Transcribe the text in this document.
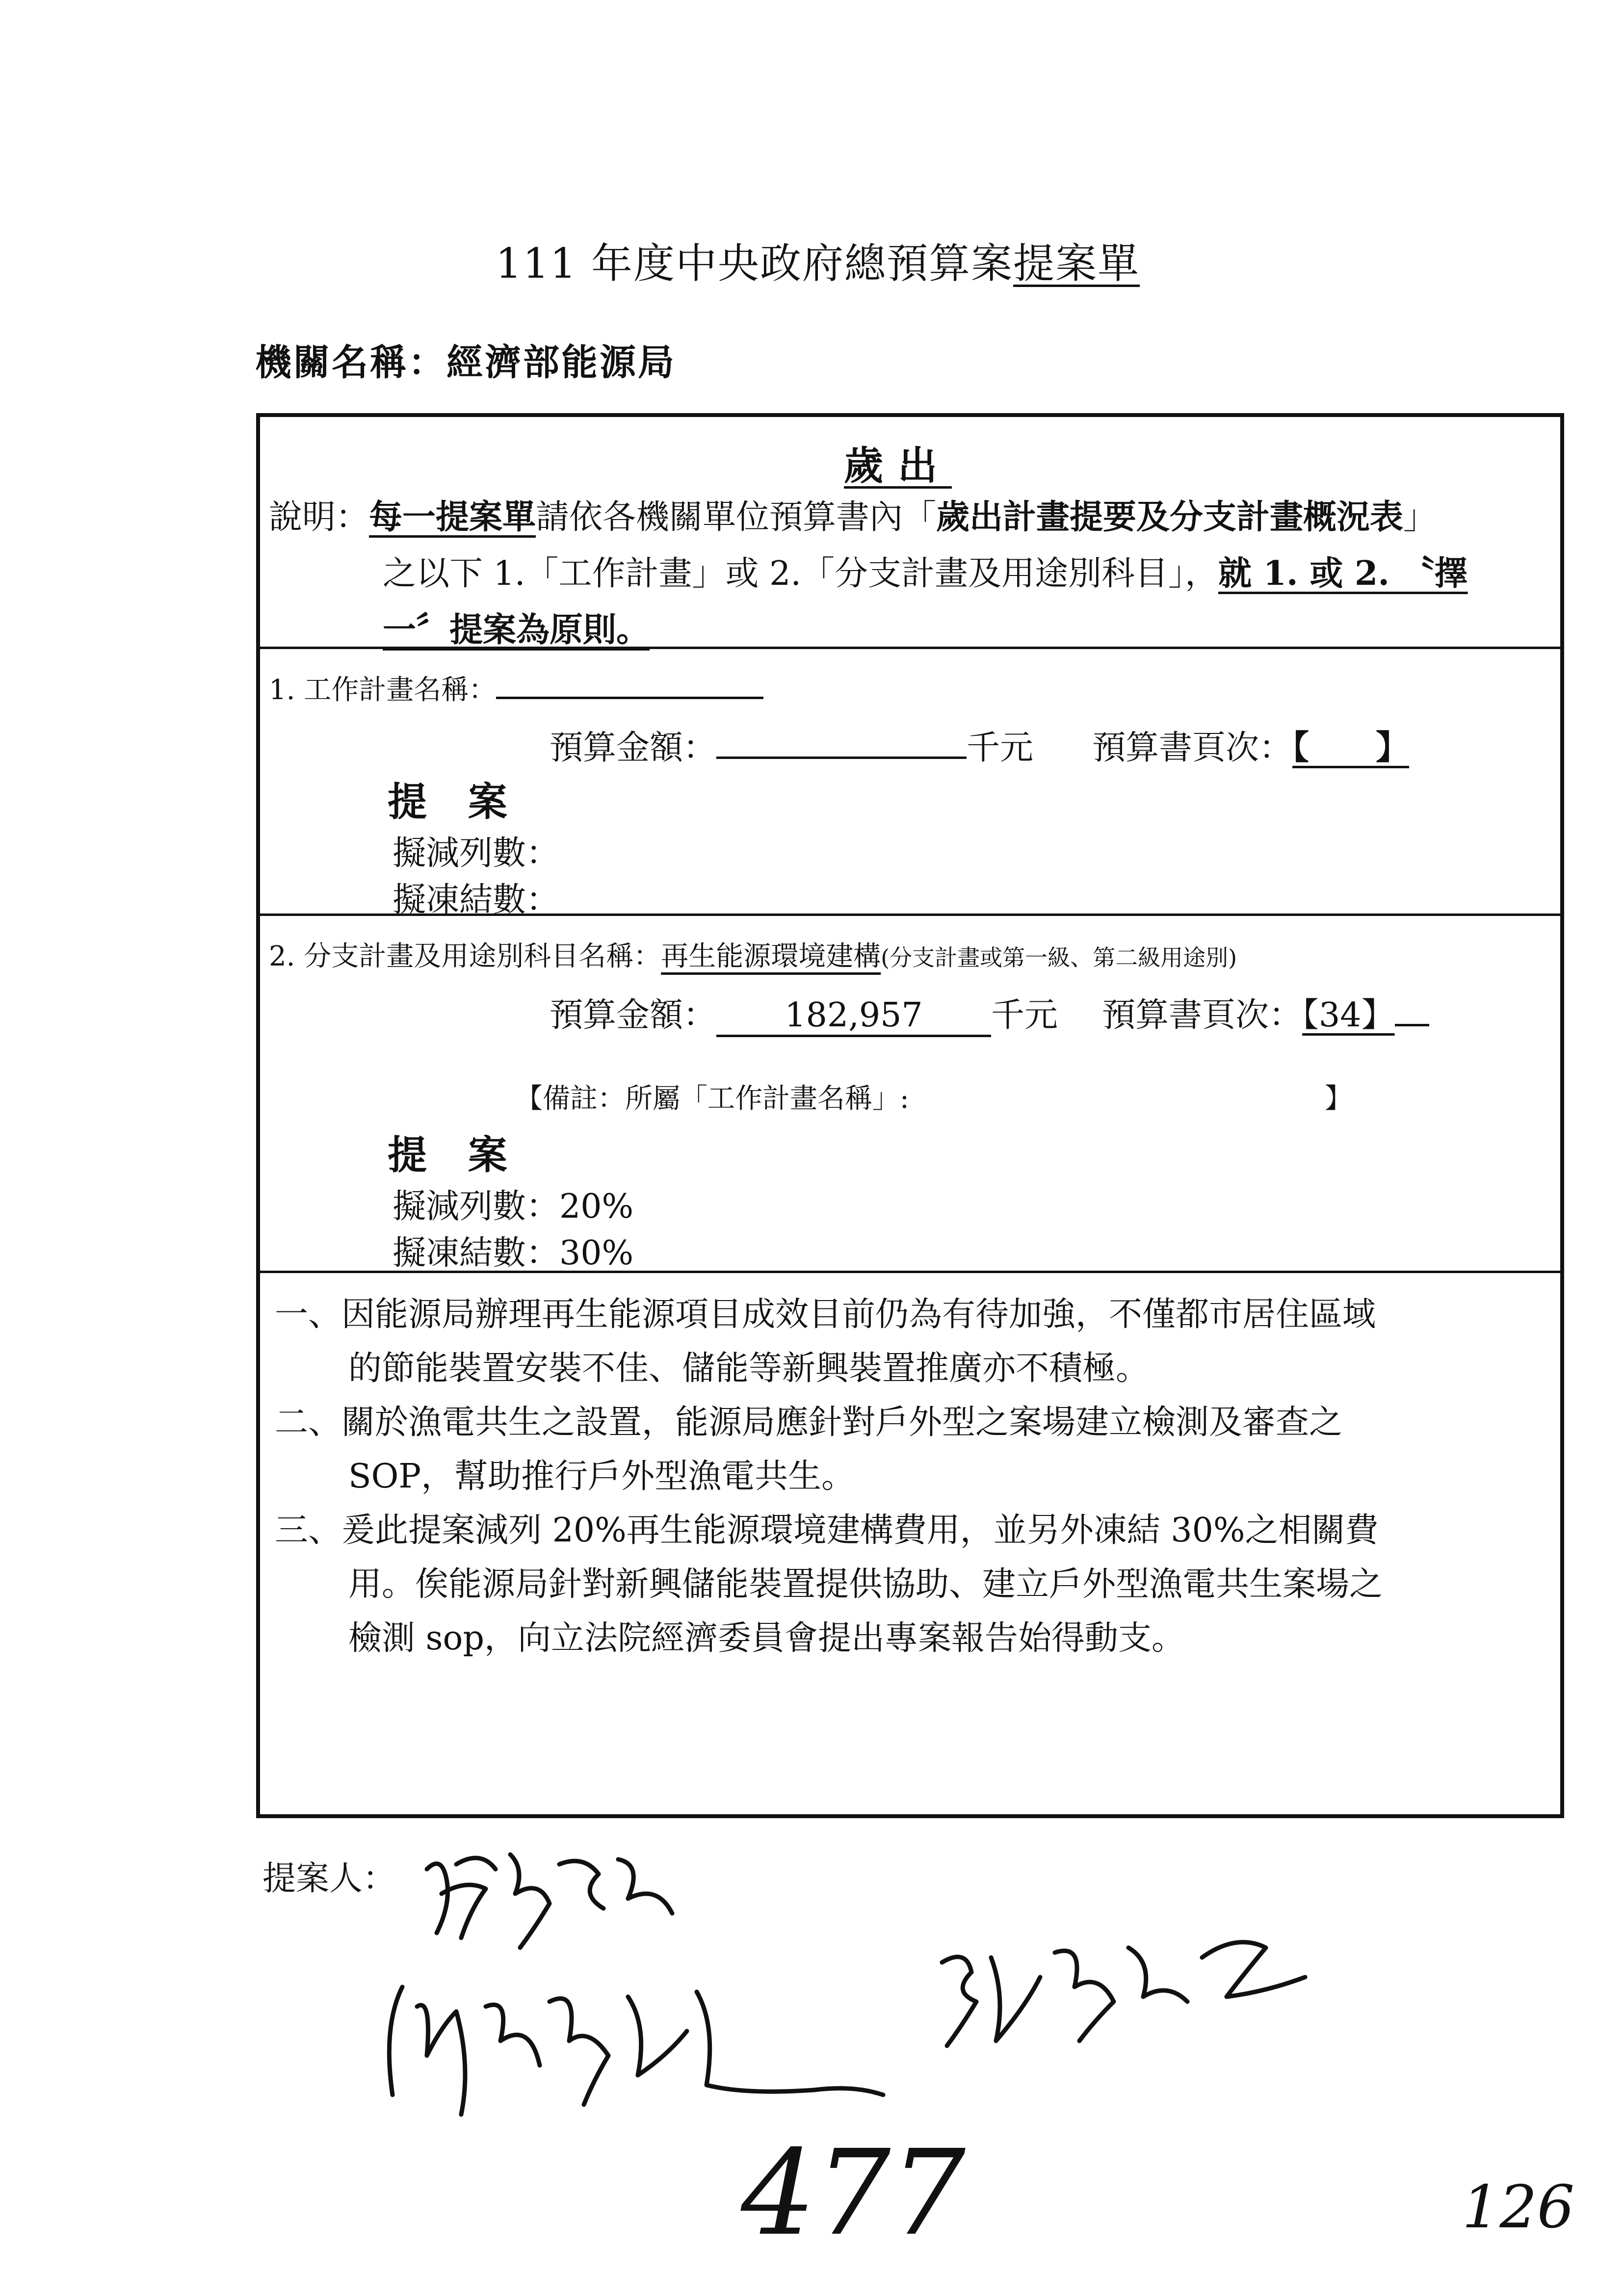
111 年度中央政府總預算案提案單
機關名稱：經濟部能源局
歲出
說明：每一提案單請依各機關單位預算書內「歲出計畫提要及分支計畫概況表」
之以下 1.「工作計畫」或 2.「分支計畫及用途別科目」，就 1. 或 2. 〝擇
一〞提案為原則。
1. 工作計畫名稱：
預算金額：	千元 預算書頁次：【　　】
提 案
擬減列數：
擬凍結數：
2. 分支計畫及用途別科目名稱：再生能源環境建構(分支計畫或第一級、第二級用途別)
預算金額： 182,957 千元 預算書頁次：【34】
【備註：所屬「工作計畫名稱」:	】
提 案
擬減列數：20%
擬凍結數：30%
一、因能源局辦理再生能源項目成效目前仍為有待加強，不僅都市居住區域
的節能裝置安裝不佳、儲能等新興裝置推廣亦不積極。
二、關於漁電共生之設置，能源局應針對戶外型之案場建立檢測及審查之
SOP，幫助推行戶外型漁電共生。
三、爰此提案減列 20%再生能源環境建構費用，並另外凍結 30%之相關費
用。俟能源局針對新興儲能裝置提供協助、建立戶外型漁電共生案場之
檢測 sop，向立法院經濟委員會提出專案報告始得動支。
提案人：
477	126
